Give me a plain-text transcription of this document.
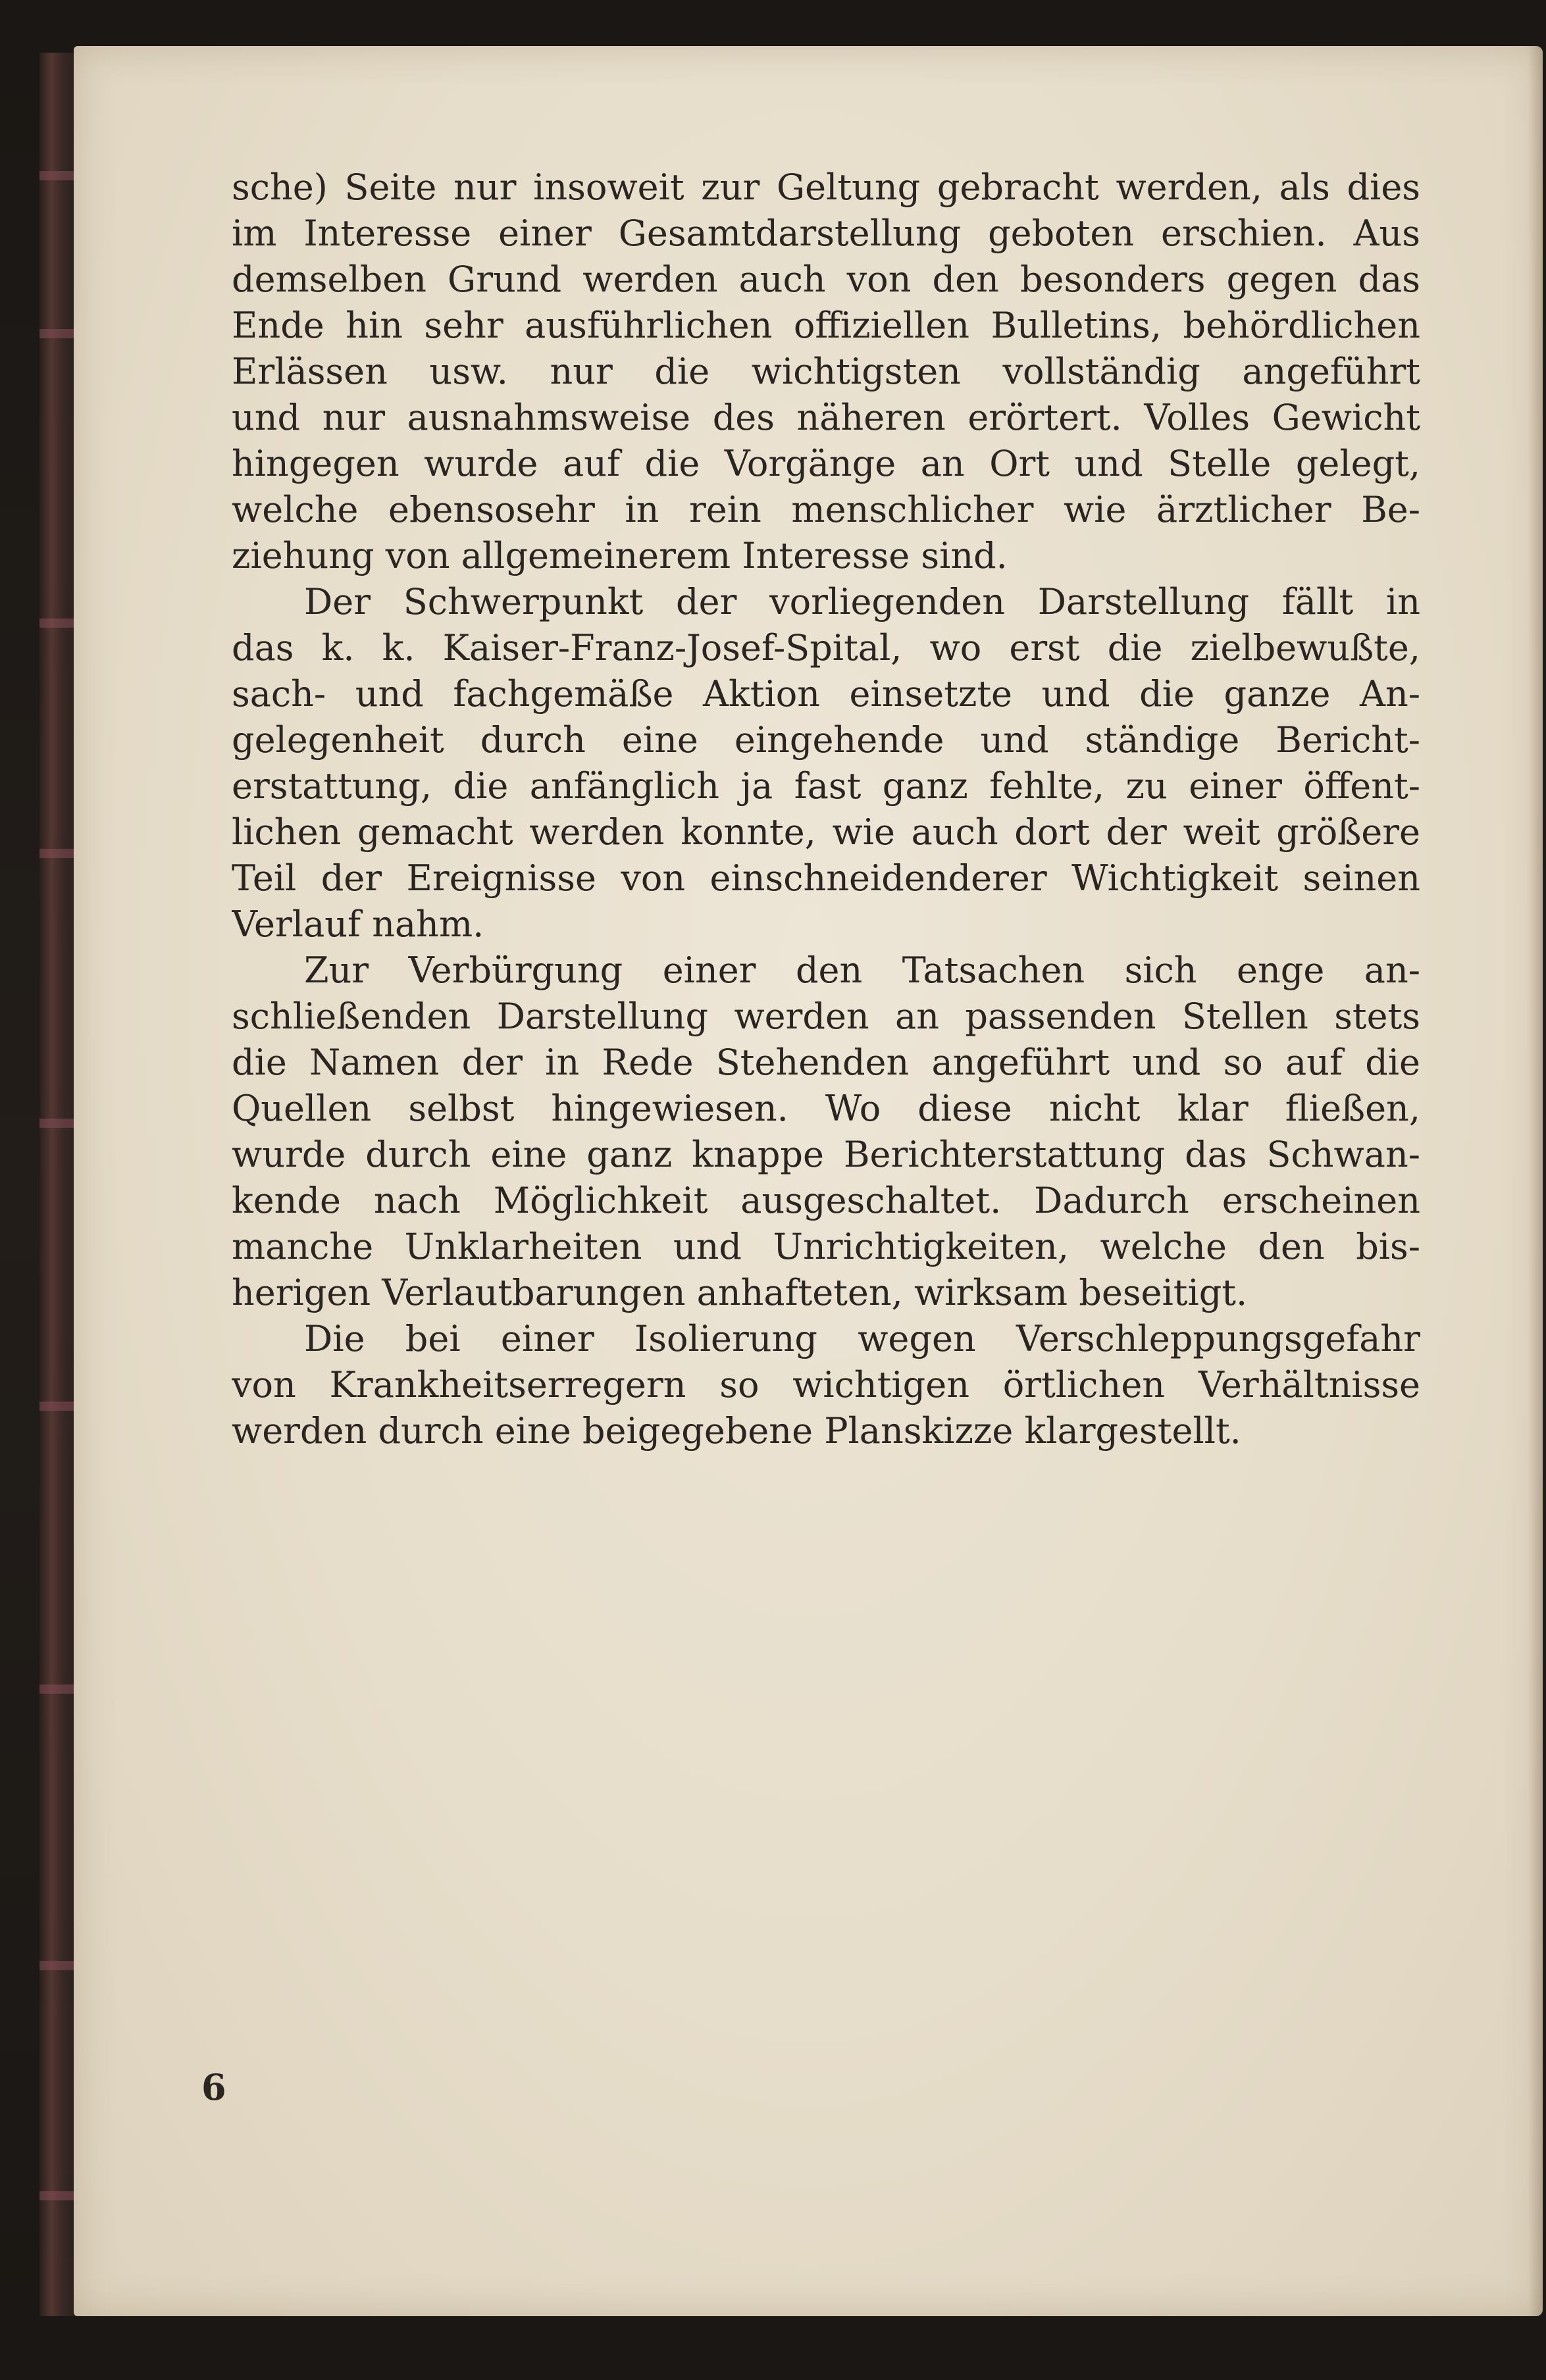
sche) Seite nur insoweit zur Geltung gebracht werden, als dies
im Interesse einer Gesamtdarstellung geboten erschien. Aus
demselben Grund werden auch von den besonders gegen das
Ende hin sehr ausführlichen offiziellen Bulletins, behördlichen
Erlässen usw. nur die wichtigsten vollständig angeführt
und nur ausnahmsweise des näheren erörtert. Volles Gewicht
hingegen wurde auf die Vorgänge an Ort und Stelle gelegt,
welche ebensosehr in rein menschlicher wie ärztlicher Be-
ziehung von allgemeinerem Interesse sind.
Der Schwerpunkt der vorliegenden Darstellung fällt in
das k. k. Kaiser-Franz-Josef-Spital, wo erst die zielbewußte,
sach- und fachgemäße Aktion einsetzte und die ganze An-
gelegenheit durch eine eingehende und ständige Bericht-
erstattung, die anfänglich ja fast ganz fehlte, zu einer öffent-
lichen gemacht werden konnte, wie auch dort der weit größere
Teil der Ereignisse von einschneidenderer Wichtigkeit seinen
Verlauf nahm.
Zur Verbürgung einer den Tatsachen sich enge an-
schließenden Darstellung werden an passenden Stellen stets
die Namen der in Rede Stehenden angeführt und so auf die
Quellen selbst hingewiesen. Wo diese nicht klar fließen,
wurde durch eine ganz knappe Berichterstattung das Schwan-
kende nach Möglichkeit ausgeschaltet. Dadurch erscheinen
manche Unklarheiten und Unrichtigkeiten, welche den bis-
herigen Verlautbarungen anhafteten, wirksam beseitigt.
Die bei einer Isolierung wegen Verschleppungsgefahr
von Krankheitserregern so wichtigen örtlichen Verhältnisse
werden durch eine beigegebene Planskizze klargestellt.
6
